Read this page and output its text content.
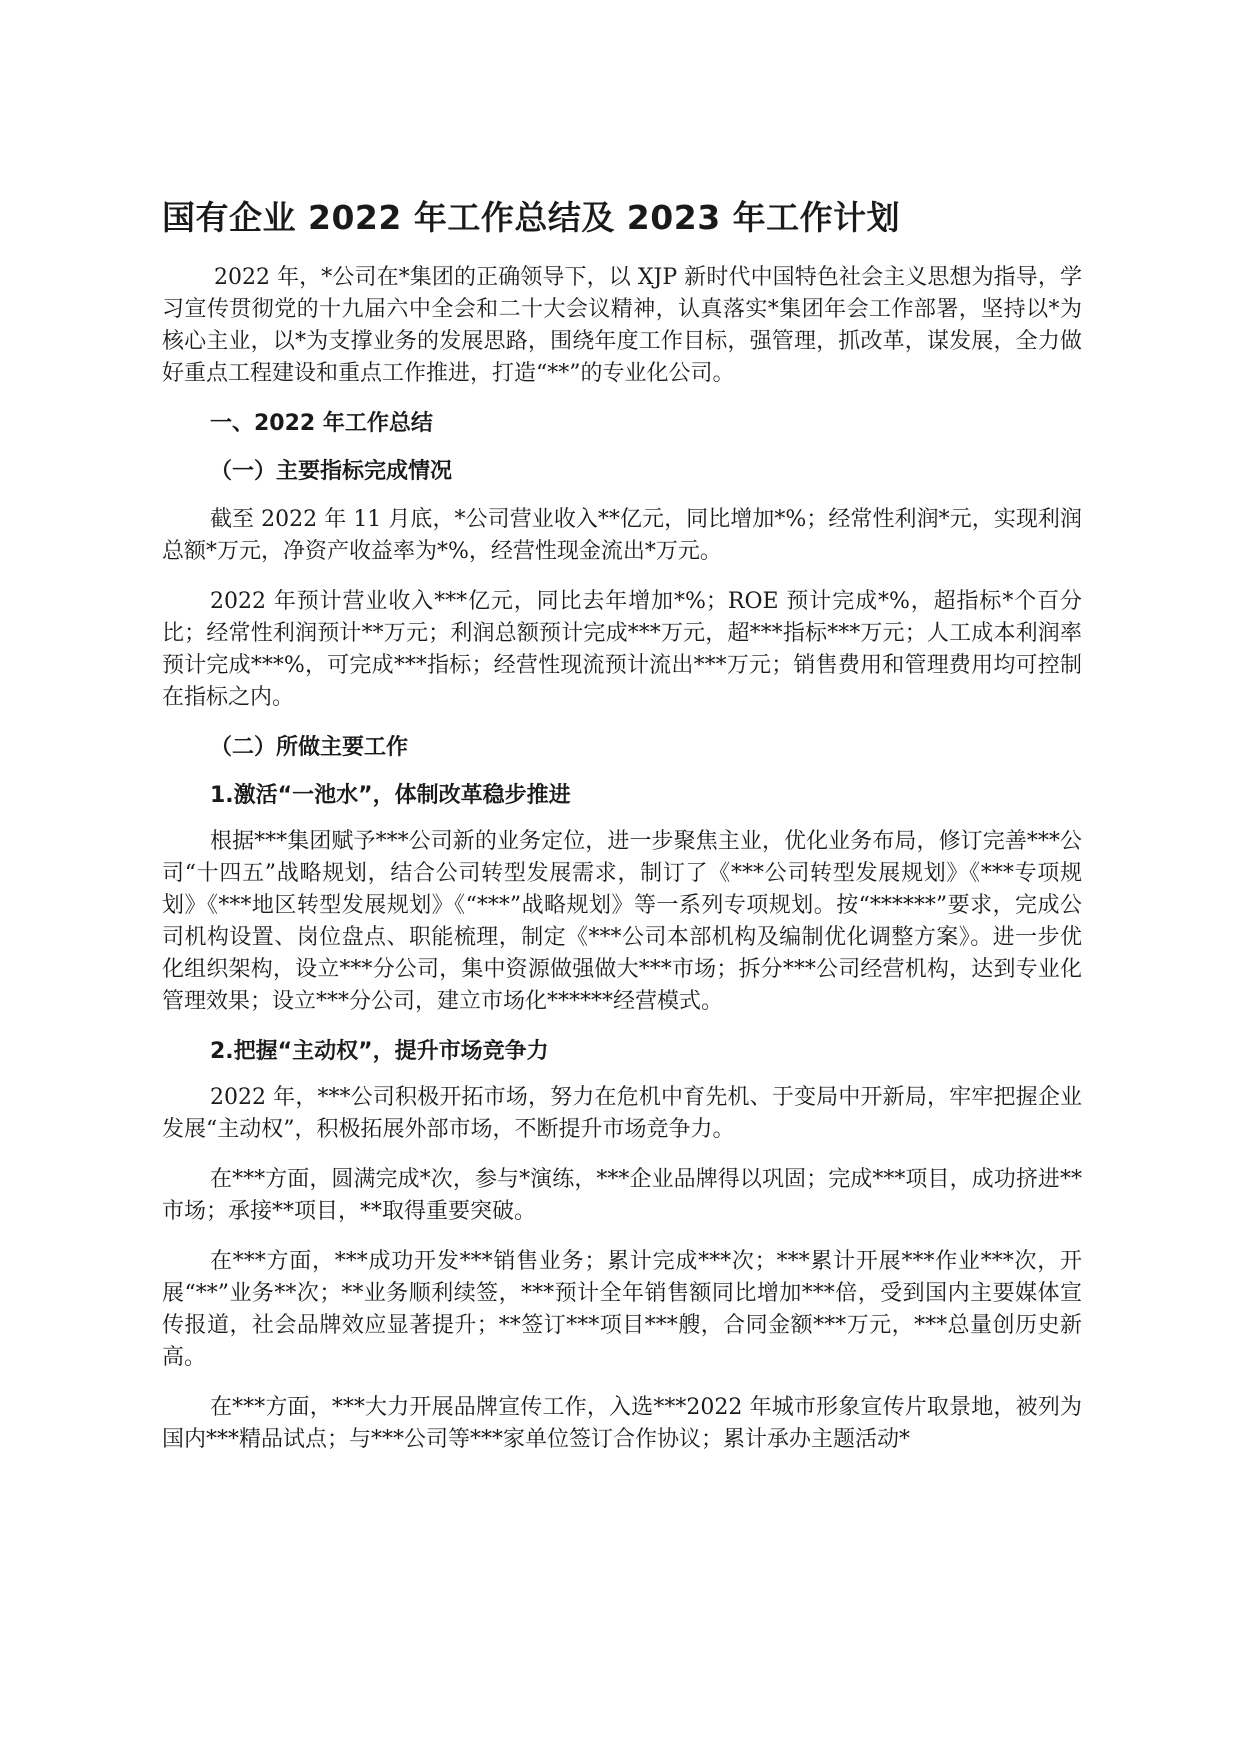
国有企业 2022 年工作总结及 2023 年工作计划

2022 年，*公司在*集团的正确领导下，以 XJP 新时代中国特色社会主义思想为指导，学习宣传贯彻党的十九届六中全会和二十大会议精神，认真落实*集团年会工作部署，坚持以*为核心主业，以*为支撑业务的发展思路，围绕年度工作目标，强管理，抓改革，谋发展，全力做好重点工程建设和重点工作推进，打造“**”的专业化公司。

一、2022 年工作总结
（一）主要指标完成情况

截至 2022 年 11 月底，*公司营业收入**亿元，同比增加*%；经常性利润*元，实现利润总额*万元，净资产收益率为*%，经营性现金流出*万元。

2022 年预计营业收入***亿元，同比去年增加*%；ROE 预计完成*%，超指标*个百分比；经常性利润预计**万元；利润总额预计完成***万元，超***指标***万元；人工成本利润率预计完成***%，可完成***指标；经营性现流预计流出***万元；销售费用和管理费用均可控制在指标之内。

（二）所做主要工作
1.激活“一池水”，体制改革稳步推进

根据***集团赋予***公司新的业务定位，进一步聚焦主业，优化业务布局，修订完善***公司“十四五”战略规划，结合公司转型发展需求，制订了《***公司转型发展规划》《***专项规划》《***地区转型发展规划》《“***”战略规划》等一系列专项规划。按“******”要求，完成公司机构设置、岗位盘点、职能梳理，制定《***公司本部机构及编制优化调整方案》。进一步优化组织架构，设立***分公司，集中资源做强做大***市场；拆分***公司经营机构，达到专业化管理效果；设立***分公司，建立市场化******经营模式。

2.把握“主动权”，提升市场竞争力

2022 年，***公司积极开拓市场，努力在危机中育先机、于变局中开新局，牢牢把握企业发展“主动权”，积极拓展外部市场，不断提升市场竞争力。

在***方面，圆满完成*次，参与*演练，***企业品牌得以巩固；完成***项目，成功挤进**市场；承接**项目，**取得重要突破。

在***方面，***成功开发***销售业务；累计完成***次；***累计开展***作业***次，开展“**”业务**次；**业务顺利续签，***预计全年销售额同比增加***倍，受到国内主要媒体宣传报道，社会品牌效应显著提升；**签订***项目***艘，合同金额***万元，***总量创历史新高。

在***方面，***大力开展品牌宣传工作，入选***2022 年城市形象宣传片取景地，被列为国内***精品试点；与***公司等***家单位签订合作协议；累计承办主题活动*
